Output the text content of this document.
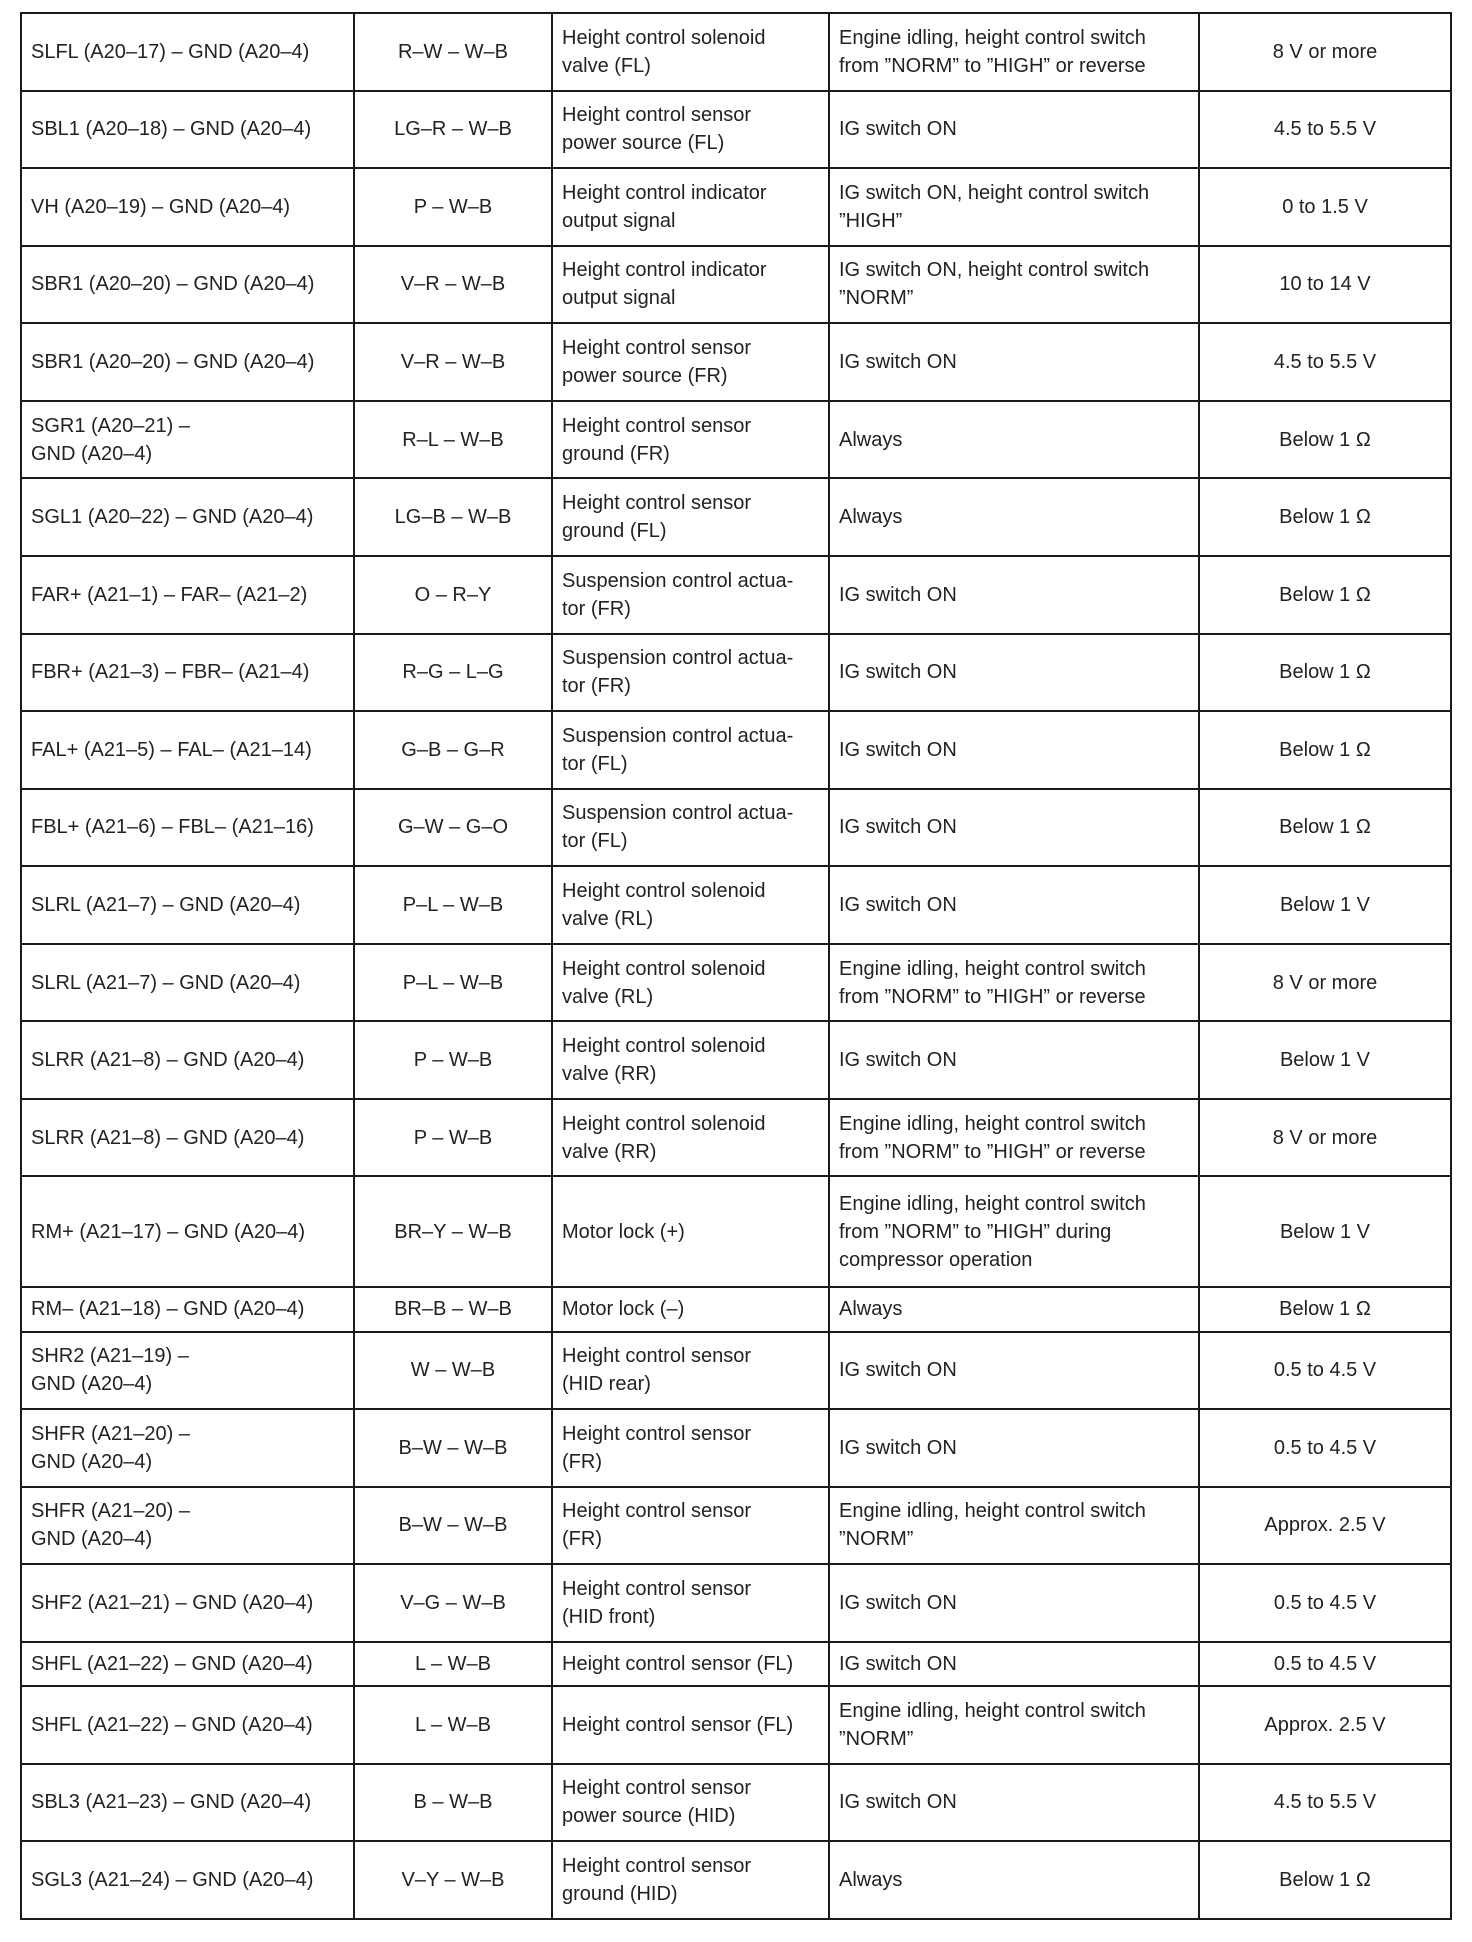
SLFL (A20–17) – GND (A20–4)	R–W – W–B	Height control solenoid
valve (FL)	Engine idling, height control switch
from ”NORM” to ”HIGH” or reverse	8 V or more

SBL1 (A20–18) – GND (A20–4)	LG–R – W–B	Height control sensor
power source (FL)	IG switch ON	4.5 to 5.5 V

VH (A20–19) – GND (A20–4)	P – W–B	Height control indicator
output signal	IG switch ON, height control switch
”HIGH”	0 to 1.5 V

SBR1 (A20–20) – GND (A20–4)	V–R – W–B	Height control indicator
output signal	IG switch ON, height control switch
”NORM”	10 to 14 V

SBR1 (A20–20) – GND (A20–4)	V–R – W–B	Height control sensor
power source (FR)	IG switch ON	4.5 to 5.5 V

SGR1 (A20–21) –
GND (A20–4)	R–L – W–B	Height control sensor
ground (FR)	Always	Below 1 Ω

SGL1 (A20–22) – GND (A20–4)	LG–B – W–B	Height control sensor
ground (FL)	Always	Below 1 Ω

FAR+ (A21–1) – FAR– (A21–2)	O – R–Y	Suspension control actua-
tor (FR)	IG switch ON	Below 1 Ω

FBR+ (A21–3) – FBR– (A21–4)	R–G – L–G	Suspension control actua-
tor (FR)	IG switch ON	Below 1 Ω

FAL+ (A21–5) – FAL– (A21–14)	G–B – G–R	Suspension control actua-
tor (FL)	IG switch ON	Below 1 Ω

FBL+ (A21–6) – FBL– (A21–16)	G–W – G–O	Suspension control actua-
tor (FL)	IG switch ON	Below 1 Ω

SLRL (A21–7) – GND (A20–4)	P–L – W–B	Height control solenoid
valve (RL)	IG switch ON	Below 1 V

SLRL (A21–7) – GND (A20–4)	P–L – W–B	Height control solenoid
valve (RL)	Engine idling, height control switch
from ”NORM” to ”HIGH” or reverse	8 V or more

SLRR (A21–8) – GND (A20–4)	P – W–B	Height control solenoid
valve (RR)	IG switch ON	Below 1 V

SLRR (A21–8) – GND (A20–4)	P – W–B	Height control solenoid
valve (RR)	Engine idling, height control switch
from ”NORM” to ”HIGH” or reverse	8 V or more

RM+ (A21–17) – GND (A20–4)	BR–Y – W–B	Motor lock (+)	Engine idling, height control switch
from ”NORM” to ”HIGH” during
compressor operation	Below 1 V

RM– (A21–18) – GND (A20–4)	BR–B – W–B	Motor lock (–)	Always	Below 1 Ω

SHR2 (A21–19) –
GND (A20–4)	W – W–B	Height control sensor
(HID rear)	IG switch ON	0.5 to 4.5 V

SHFR (A21–20) –
GND (A20–4)	B–W – W–B	Height control sensor
(FR)	IG switch ON	0.5 to 4.5 V

SHFR (A21–20) –
GND (A20–4)	B–W – W–B	Height control sensor
(FR)	Engine idling, height control switch
”NORM”	Approx. 2.5 V

SHF2 (A21–21) – GND (A20–4)	V–G – W–B	Height control sensor
(HID front)	IG switch ON	0.5 to 4.5 V

SHFL (A21–22) – GND (A20–4)	L – W–B	Height control sensor (FL)	IG switch ON	0.5 to 4.5 V

SHFL (A21–22) – GND (A20–4)	L – W–B	Height control sensor (FL)	Engine idling, height control switch
”NORM”	Approx. 2.5 V

SBL3 (A21–23) – GND (A20–4)	B – W–B	Height control sensor
power source (HID)	IG switch ON	4.5 to 5.5 V

SGL3 (A21–24) – GND (A20–4)	V–Y – W–B	Height control sensor
ground (HID)	Always	Below 1 Ω
